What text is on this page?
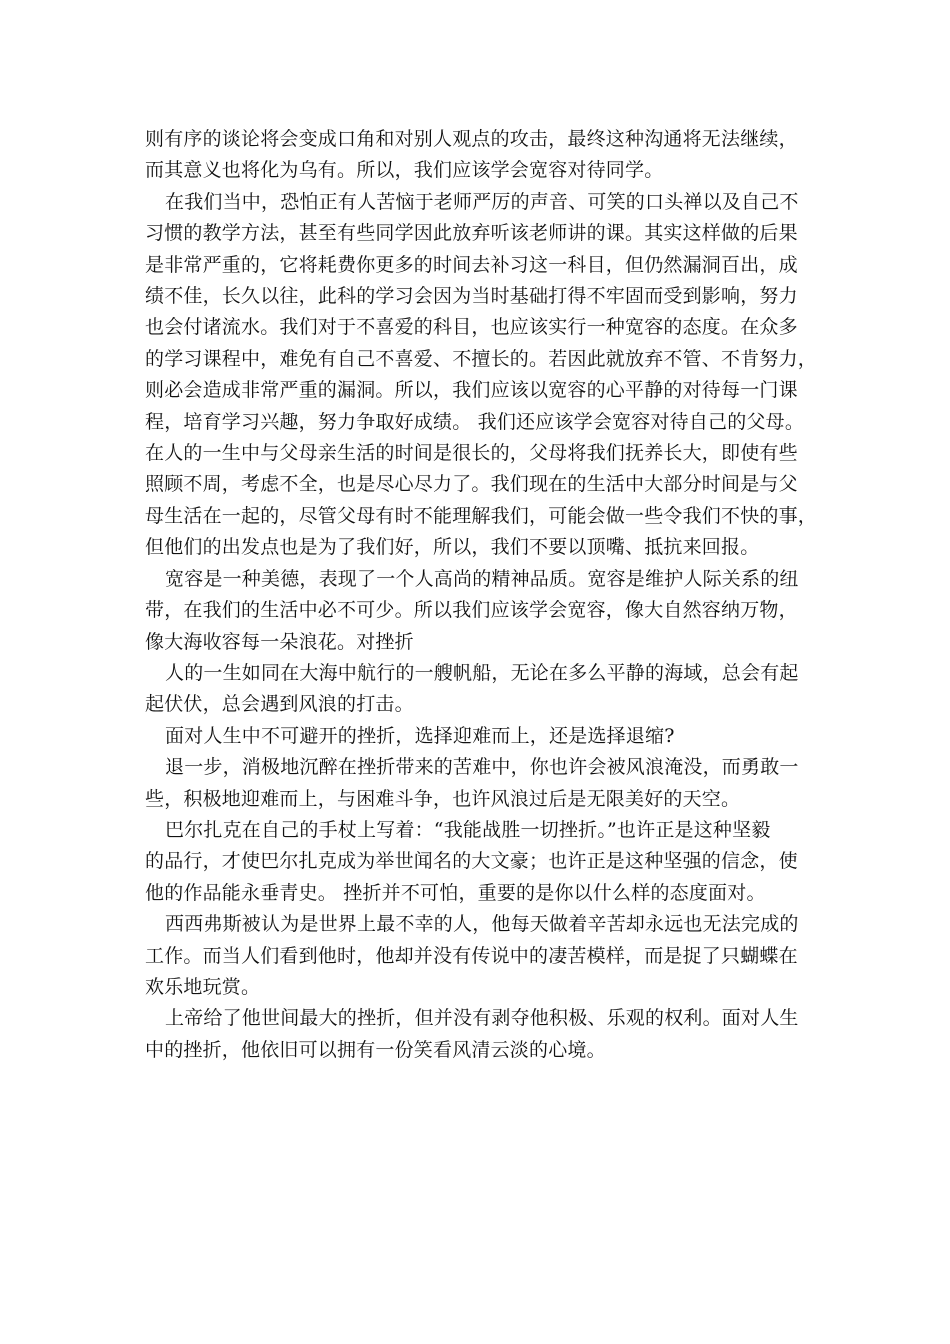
则有序的谈论将会变成口角和对别人观点的攻击，最终这种沟通将无法继续，
而其意义也将化为乌有。所以，我们应该学会宽容对待同学。
在我们当中，恐怕正有人苦恼于老师严厉的声音、可笑的口头禅以及自己不
习惯的教学方法，甚至有些同学因此放弃听该老师讲的课。其实这样做的后果
是非常严重的，它将耗费你更多的时间去补习这一科目，但仍然漏洞百出，成
绩不佳，长久以往，此科的学习会因为当时基础打得不牢固而受到影响，努力
也会付诸流水。我们对于不喜爱的科目，也应该实行一种宽容的态度。在众多
的学习课程中，难免有自己不喜爱、不擅长的。若因此就放弃不管、不肯努力，
则必会造成非常严重的漏洞。所以，我们应该以宽容的心平静的对待每一门课
程，培育学习兴趣，努力争取好成绩。 我们还应该学会宽容对待自己的父母。
在人的一生中与父母亲生活的时间是很长的，父母将我们抚养长大，即使有些
照顾不周，考虑不全，也是尽心尽力了。我们现在的生活中大部分时间是与父
母生活在一起的，尽管父母有时不能理解我们，可能会做一些令我们不快的事，
但他们的出发点也是为了我们好，所以，我们不要以顶嘴、抵抗来回报。
宽容是一种美德，表现了一个人高尚的精神品质。宽容是维护人际关系的纽
带，在我们的生活中必不可少。所以我们应该学会宽容，像大自然容纳万物，
像大海收容每一朵浪花。对挫折
人的一生如同在大海中航行的一艘帆船，无论在多么平静的海域，总会有起
起伏伏，总会遇到风浪的打击。
面对人生中不可避开的挫折，选择迎难而上，还是选择退缩?
退一步，消极地沉醉在挫折带来的苦难中，你也许会被风浪淹没，而勇敢一
些，积极地迎难而上，与困难斗争，也许风浪过后是无限美好的天空。
巴尔扎克在自己的手杖上写着：“我能战胜一切挫折。”也许正是这种坚毅
的品行，才使巴尔扎克成为举世闻名的大文豪；也许正是这种坚强的信念，使
他的作品能永垂青史。 挫折并不可怕，重要的是你以什么样的态度面对。
西西弗斯被认为是世界上最不幸的人，他每天做着辛苦却永远也无法完成的
工作。而当人们看到他时，他却并没有传说中的凄苦模样，而是捉了只蝴蝶在
欢乐地玩赏。
上帝给了他世间最大的挫折，但并没有剥夺他积极、乐观的权利。面对人生
中的挫折，他依旧可以拥有一份笑看风清云淡的心境。
